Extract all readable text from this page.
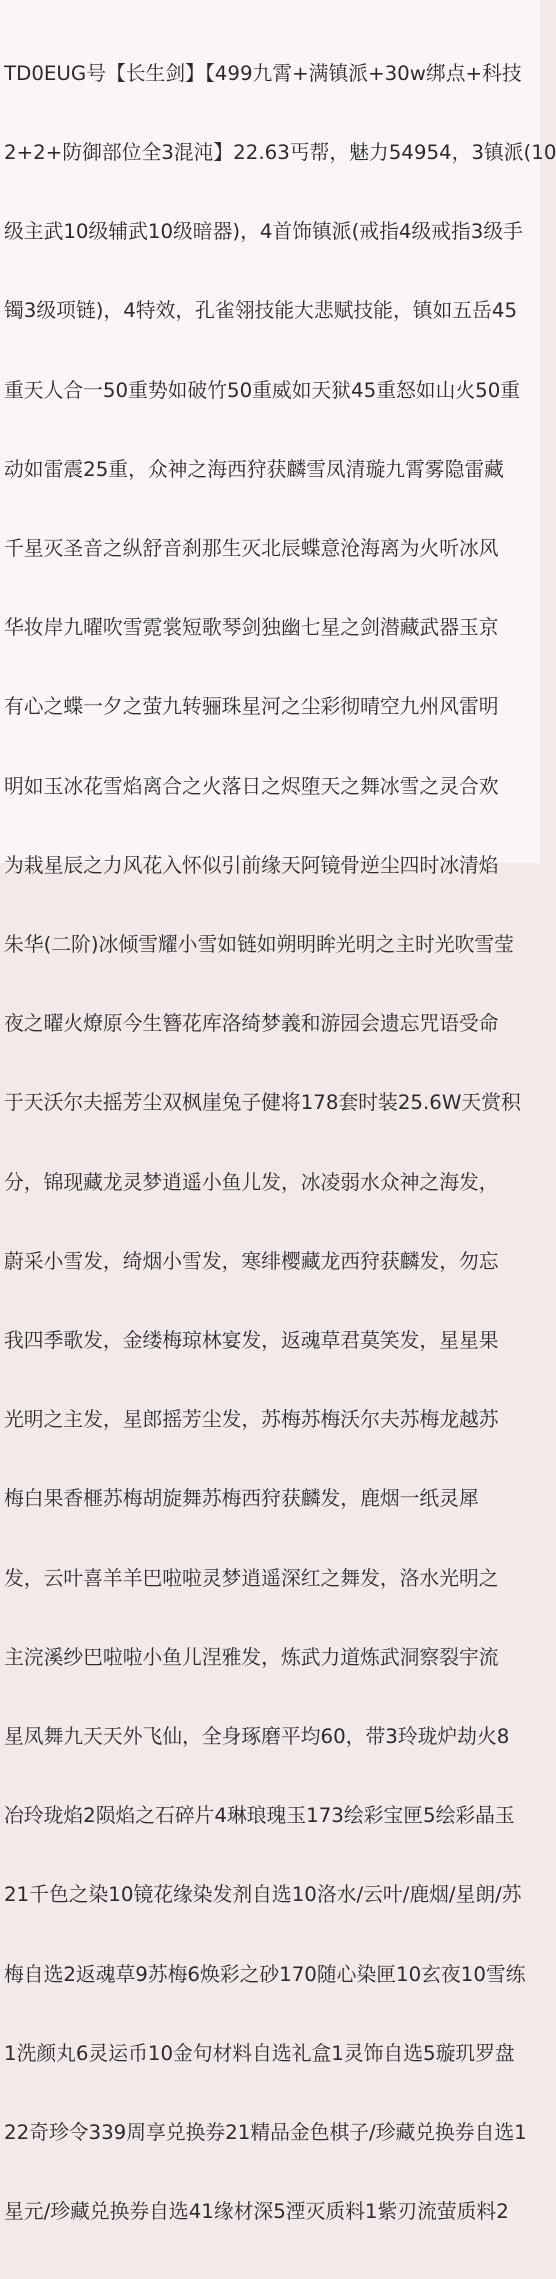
TD0EUG号【长生剑】【499九霄+满镇派+30w绑点+科技

2+2+防御部位全3混沌】22.63丐帮，魅力54954，3镇派(10

级主武10级辅武10级暗器)，4首饰镇派(戒指4级戒指3级手

镯3级项链)，4特效，孔雀翎技能大悲赋技能，镇如五岳45

重天人合一50重势如破竹50重威如天狱45重怒如山火50重

动如雷震25重，众神之海西狩获麟雪凤清璇九霄雾隐雷藏

千星灭圣音之纵舒音刹那生灭北辰蝶意沧海离为火听冰风

华妆岸九曜吹雪霓裳短歌琴剑独幽七星之剑潜藏武器玉京

有心之蝶一夕之萤九转骊珠星河之尘彩彻晴空九州风雷明

明如玉冰花雪焰离合之火落日之烬堕天之舞冰雪之灵合欢

为栽星辰之力风花入怀似引前缘天阿镜骨逆尘四时冰清焰

朱华(二阶)冰倾雪耀小雪如链如朔明眸光明之主时光吹雪莹

夜之曜火燎原今生簪花库洛绮梦義和游园会遗忘咒语受命

于天沃尔夫摇芳尘双枫崖兔子健将178套时装25.6W天赏积

分，锦现藏龙灵梦逍遥小鱼儿发，冰凌弱水众神之海发，

蔚采小雪发，绮烟小雪发，寒绯樱藏龙西狩获麟发，勿忘

我四季歌发，金缕梅琼林宴发，返魂草君莫笑发，星星果

光明之主发，星郎摇芳尘发，苏梅苏梅沃尔夫苏梅龙越苏

梅白果香榧苏梅胡旋舞苏梅西狩获麟发，鹿烟一纸灵犀

发，云叶喜羊羊巴啦啦灵梦逍遥深红之舞发，洛水光明之

主浣溪纱巴啦啦小鱼儿涅雅发，炼武力道炼武洞察裂宇流

星凤舞九天天外飞仙，全身琢磨平均60，带3玲珑炉劫火8

冶玲珑焰2陨焰之石碎片4琳琅瑰玉173绘彩宝匣5绘彩晶玉

21千色之染10镜花缘染发剂自选10洛水/云叶/鹿烟/星朗/苏

梅自选2返魂草9苏梅6焕彩之砂170随心染匣10玄夜10雪练

1洗颜丸6灵运币10金句材料自选礼盒1灵饰自选5璇玑罗盘

22奇珍令339周享兑换券21精品金色棋子/珍藏兑换券自选1

星元/珍藏兑换券自选41缘材深5湮灭质料1紫刃流萤质料2
